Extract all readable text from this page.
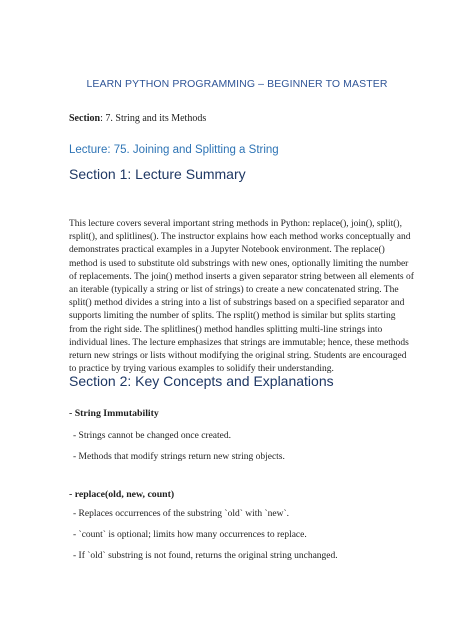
LEARN PYTHON PROGRAMMING – BEGINNER TO MASTER
Section: 7. String and its Methods
Lecture: 75. Joining and Splitting a String
Section 1: Lecture Summary
This lecture covers several important string methods in Python: replace(), join(), split(), rsplit(), and splitlines(). The instructor explains how each method works conceptually and demonstrates practical examples in a Jupyter Notebook environment. The replace() method is used to substitute old substrings with new ones, optionally limiting the number of replacements. The join() method inserts a given separator string between all elements of an iterable (typically a string or list of strings) to create a new concatenated string. The split() method divides a string into a list of substrings based on a specified separator and supports limiting the number of splits. The rsplit() method is similar but splits starting from the right side. The splitlines() method handles splitting multi-line strings into individual lines. The lecture emphasizes that strings are immutable; hence, these methods return new strings or lists without modifying the original string. Students are encouraged to practice by trying various examples to solidify their understanding.
Section 2: Key Concepts and Explanations
- String Immutability
- Strings cannot be changed once created.
- Methods that modify strings return new string objects.
- replace(old, new, count)
- Replaces occurrences of the substring `old` with `new`.
- `count` is optional; limits how many occurrences to replace.
- If `old` substring is not found, returns the original string unchanged.
